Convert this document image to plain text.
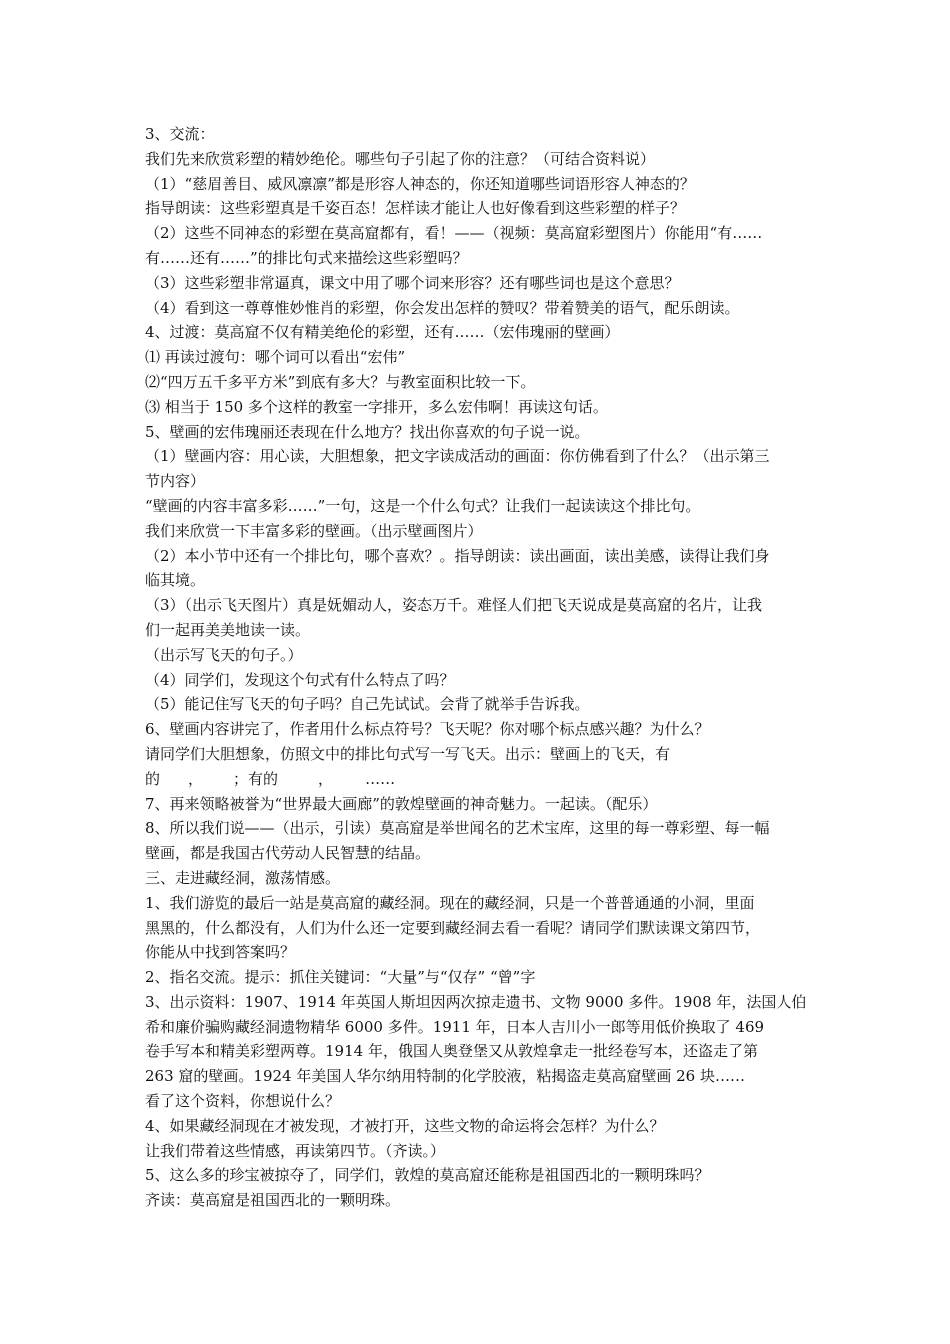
3、交流：
我们先来欣赏彩塑的精妙绝伦。哪些句子引起了你的注意？（可结合资料说）
（1）“慈眉善目、威风凛凛”都是形容人神态的，你还知道哪些词语形容人神态的？
指导朗读：这些彩塑真是千姿百态！怎样读才能让人也好像看到这些彩塑的样子？
（2）这些不同神态的彩塑在莫高窟都有，看！——（视频：莫高窟彩塑图片）你能用“有……
有……还有……”的排比句式来描绘这些彩塑吗？
（3）这些彩塑非常逼真，课文中用了哪个词来形容？还有哪些词也是这个意思？
（4）看到这一尊尊惟妙惟肖的彩塑，你会发出怎样的赞叹？带着赞美的语气，配乐朗读。
4、过渡：莫高窟不仅有精美绝伦的彩塑，还有……（宏伟瑰丽的壁画）
⑴ 再读过渡句：哪个词可以看出“宏伟”
⑵“四万五千多平方米”到底有多大？与教室面积比较一下。
⑶ 相当于 150 多个这样的教室一字排开，多么宏伟啊！再读这句话。
5、壁画的宏伟瑰丽还表现在什么地方？找出你喜欢的句子说一说。
（1）壁画内容：用心读，大胆想象，把文字读成活动的画面：你仿佛看到了什么？（出示第三
节内容）
“壁画的内容丰富多彩……”一句，这是一个什么句式？让我们一起读读这个排比句。
我们来欣赏一下丰富多彩的壁画。（出示壁画图片）
（2）本小节中还有一个排比句，哪个喜欢？。指导朗读：读出画面，读出美感，读得让我们身
临其境。
（3）（出示飞天图片）真是妩媚动人，姿态万千。难怪人们把飞天说成是莫高窟的名片，让我
们一起再美美地读一读。
（出示写飞天的句子。）
（4）同学们，发现这个句式有什么特点了吗？
（5）能记住写飞天的句子吗？自己先试试。会背了就举手告诉我。
6、壁画内容讲完了，作者用什么标点符号？飞天呢？你对哪个标点感兴趣？为什么？
请同学们大胆想象，仿照文中的排比句式写一写飞天。出示：壁画上的飞天，有
的 ， ；有的	， ……
7、再来领略被誉为“世界最大画廊”的敦煌壁画的神奇魅力。一起读。（配乐）
8、所以我们说——（出示，引读）莫高窟是举世闻名的艺术宝库，这里的每一尊彩塑、每一幅
壁画，都是我国古代劳动人民智慧的结晶。
三、走进藏经洞，激荡情感。
1、我们游览的最后一站是莫高窟的藏经洞。现在的藏经洞，只是一个普普通通的小洞，里面
黑黑的，什么都没有，人们为什么还一定要到藏经洞去看一看呢？请同学们默读课文第四节，
你能从中找到答案吗？
2、指名交流。提示：抓住关键词：“大量”与“仅存” “曾”字
3、出示资料：1907、1914 年英国人斯坦因两次掠走遗书、文物 9000 多件。1908 年，法国人伯
希和廉价骗购藏经洞遗物精华 6000 多件。1911 年，日本人吉川小一郎等用低价换取了 469
卷手写本和精美彩塑两尊。1914 年，俄国人奥登堡又从敦煌拿走一批经卷写本，还盗走了第
263 窟的壁画。1924 年美国人华尔纳用特制的化学胶液，粘揭盗走莫高窟壁画 26 块……
看了这个资料，你想说什么？
4、如果藏经洞现在才被发现，才被打开，这些文物的命运将会怎样？为什么？
让我们带着这些情感，再读第四节。（齐读。）
5、这么多的珍宝被掠夺了，同学们，敦煌的莫高窟还能称是祖国西北的一颗明珠吗？
齐读：莫高窟是祖国西北的一颗明珠。
